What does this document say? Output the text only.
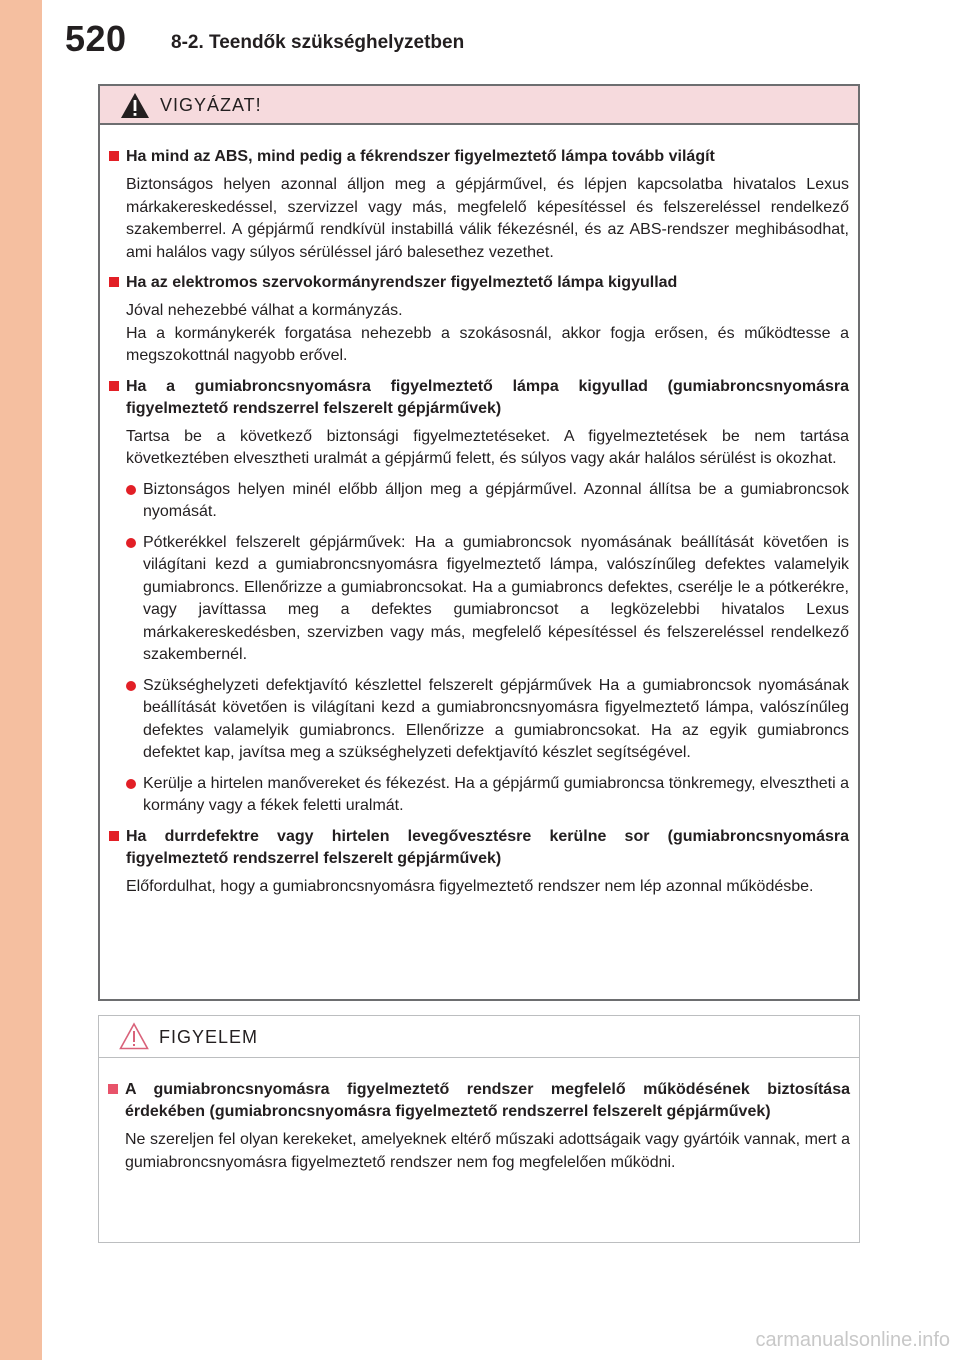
520 8-2. Teendők szükséghelyzetben
VIGYÁZAT!
Ha mind az ABS, mind pedig a fékrendszer figyelmeztető lámpa tovább világít
Biztonságos helyen azonnal álljon meg a gépjárművel, és lépjen kapcsolatba hivatalos Lexus márkakereskedéssel, szervizzel vagy más, megfelelő képesítéssel és felszereléssel rendelkező szakemberrel. A gépjármű rendkívül instabillá válik fékezésnél, és az ABS-rendszer meghibásodhat, ami halálos vagy súlyos sérüléssel járó balesethez vezethet.
Ha az elektromos szervokormányrendszer figyelmeztető lámpa kigyullad
Jóval nehezebbé válhat a kormányzás.
Ha a kormánykerék forgatása nehezebb a szokásosnál, akkor fogja erősen, és működtesse a megszokottnál nagyobb erővel.
Ha a gumiabroncsnyomásra figyelmeztető lámpa kigyullad (gumiabroncsnyomásra figyelmeztető rendszerrel felszerelt gépjárművek)
Tartsa be a következő biztonsági figyelmeztetéseket. A figyelmeztetések be nem tartása következtében elvesztheti uralmát a gépjármű felett, és súlyos vagy akár halálos sérülést is okozhat.
Biztonságos helyen minél előbb álljon meg a gépjárművel. Azonnal állítsa be a gumiabroncsok nyomását.
Pótkerékkel felszerelt gépjárművek: Ha a gumiabroncsok nyomásának beállítását követően is világítani kezd a gumiabroncsnyomásra figyelmeztető lámpa, valószínűleg defektes valamelyik gumiabroncs. Ellenőrizze a gumiabroncsokat. Ha a gumiabroncs defektes, cserélje le a pótkerékre, vagy javíttassa meg a defektes gumiabroncsot a legközelebbi hivatalos Lexus márkakereskedésben, szervizben vagy más, megfelelő képesítéssel és felszereléssel rendelkező szakembernél.
Szükséghelyzeti defektjavító készlettel felszerelt gépjárművek Ha a gumiabroncsok nyomásának beállítását követően is világítani kezd a gumiabroncsnyomásra figyelmeztető lámpa, valószínűleg defektes valamelyik gumiabroncs. Ellenőrizze a gumiabroncsokat. Ha az egyik gumiabroncs defektet kap, javítsa meg a szükséghelyzeti defektjavító készlet segítségével.
Kerülje a hirtelen manővereket és fékezést. Ha a gépjármű gumiabroncsa tönkremegy, elvesztheti a kormány vagy a fékek feletti uralmát.
Ha durrdefektre vagy hirtelen levegővesztésre kerülne sor (gumiabroncsnyomásra figyelmeztető rendszerrel felszerelt gépjárművek)
Előfordulhat, hogy a gumiabroncsnyomásra figyelmeztető rendszer nem lép azonnal működésbe.
FIGYELEM
A gumiabroncsnyomásra figyelmeztető rendszer megfelelő működésének biztosítása érdekében (gumiabroncsnyomásra figyelmeztető rendszerrel felszerelt gépjárművek)
Ne szereljen fel olyan kerekeket, amelyeknek eltérő műszaki adottságaik vagy gyártóik vannak, mert a gumiabroncsnyomásra figyelmeztető rendszer nem fog megfelelően működni.
carmanualsonline.info
